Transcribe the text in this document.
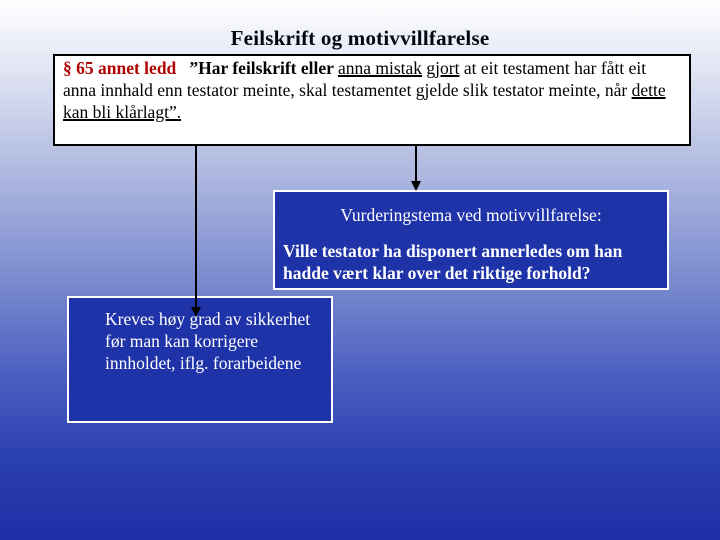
Feilskrift og motivvillfarelse
§ 65 annet ledd ”Har feilskrift eller anna mistak gjort at eit testament har fått eit anna innhald enn testator meinte, skal testamentet gjelde slik testator meinte, når dette kan bli klårlagt”.
Vurderingstema ved motivvillfarelse:
Ville testator ha disponert annerledes om han hadde vært klar over det riktige forhold?
Kreves høy grad av sikkerhet før man kan korrigere innholdet, iflg. forarbeidene
